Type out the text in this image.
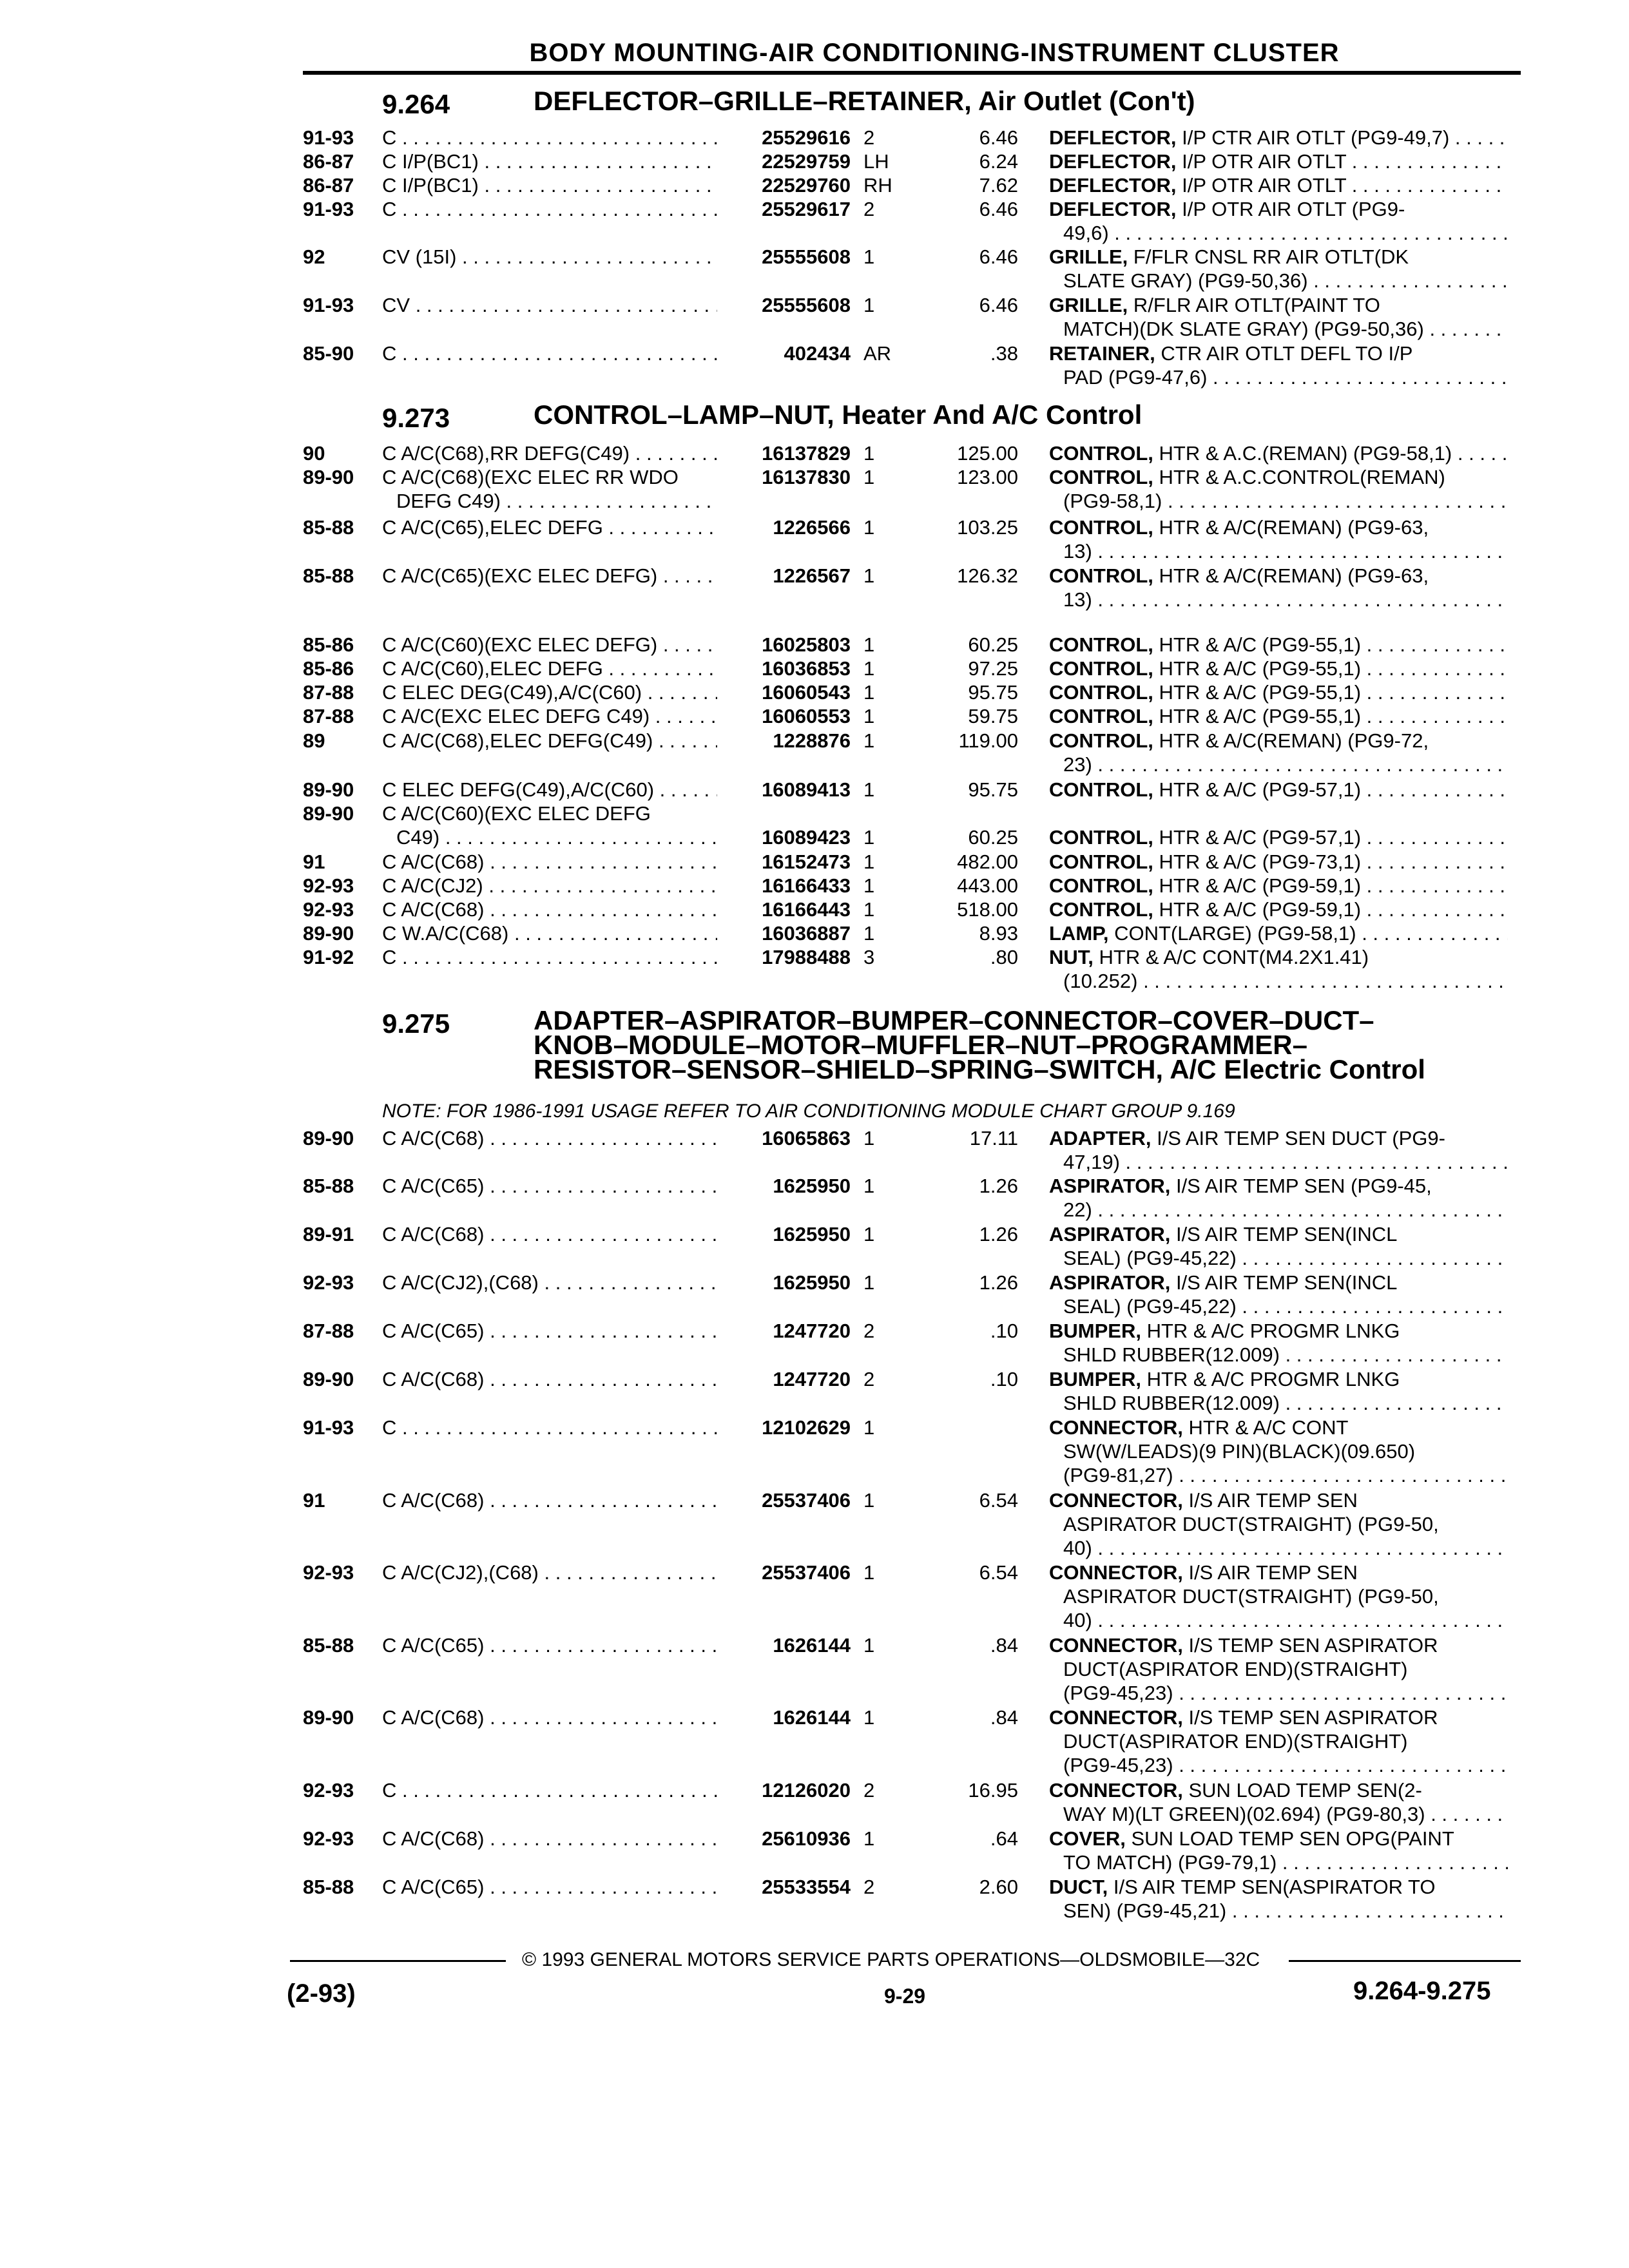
BODY MOUNTING-AIR CONDITIONING-INSTRUMENT CLUSTER
9.264	DEFLECTOR–GRILLE–RETAINER, Air Outlet (Con't)
91-93 C . . .	25529616 2	6.46 DEFLECTOR, I/P CTR AIR OTLT (PG9-49,7) . . .
86-87 C I/P(BC1) . . .	22529759 LH	6.24 DEFLECTOR, I/P OTR AIR OTLT . . .
86-87 C I/P(BC1) . . .	22529760 RH	7.62 DEFLECTOR, I/P OTR AIR OTLT . . .
91-93 C . . .	25529617 2	6.46 DEFLECTOR, I/P OTR AIR OTLT (PG9-
49,6) . . .
92	CV (15I) . . .	25555608 1	6.46 GRILLE, F/FLR CNSL RR AIR OTLT(DK
SLATE GRAY) (PG9-50,36) . . .
91-93 CV . . .	25555608 1	6.46 GRILLE, R/FLR AIR OTLT(PAINT TO
MATCH)(DK SLATE GRAY) (PG9-50,36) . . .
85-90 C . . .	402434 AR	.38 RETAINER, CTR AIR OTLT DEFL TO I/P
PAD (PG9-47,6) . . .
9.273	CONTROL–LAMP–NUT, Heater And A/C Control
90	C A/C(C68),RR DEFG(C49) . . .	16137829 1	125.00 CONTROL, HTR & A.C.(REMAN) (PG9-58,1) . . .
89-90 C A/C(C68)(EXC ELEC RR WDO
DEFG C49) . . .
16137830 1	123.00 CONTROL, HTR & A.C.CONTROL(REMAN)
(PG9-58,1) . . .
85-88 C A/C(C65),ELEC DEFG . . .	1226566 1	103.25 CONTROL, HTR & A/C(REMAN) (PG9-63,
13) . . .
85-88 C A/C(C65)(EXC ELEC DEFG) . . .	1226567 1	126.32 CONTROL, HTR & A/C(REMAN) (PG9-63,
13) . . .
85-86 C A/C(C60)(EXC ELEC DEFG) . . .	16025803 1	60.25 CONTROL, HTR & A/C (PG9-55,1) . . .
85-86 C A/C(C60),ELEC DEFG . . .	16036853 1	97.25 CONTROL, HTR & A/C (PG9-55,1) . . .
87-88 C ELEC DEG(C49),A/C(C60) . . .	16060543 1	95.75 CONTROL, HTR & A/C (PG9-55,1) . . .
87-88 C A/C(EXC ELEC DEFG C49) . . .	16060553 1	59.75 CONTROL, HTR & A/C (PG9-55,1) . . .
89	C A/C(C68),ELEC DEFG(C49) . . .	1228876 1	119.00 CONTROL, HTR & A/C(REMAN) (PG9-72,
23) . . .
89-90 C ELEC DEFG(C49),A/C(C60) . . .	16089413 1	95.75 CONTROL, HTR & A/C (PG9-57,1) . . .
89-90 C A/C(C60)(EXC ELEC DEFG
C49) . . .	16089423 1	60.25 CONTROL, HTR & A/C (PG9-57,1) . . .
91	C A/C(C68) . . .	16152473 1	482.00 CONTROL, HTR & A/C (PG9-73,1) . . .
92-93 C A/C(CJ2) . . .	16166433 1	443.00 CONTROL, HTR & A/C (PG9-59,1) . . .
92-93 C A/C(C68) . . .	16166443 1	518.00 CONTROL, HTR & A/C (PG9-59,1) . . .
89-90 C W.A/C(C68) . . .	16036887 1	8.93 LAMP, CONT(LARGE) (PG9-58,1) . . .
91-92 C . . .	17988488 3	.80 NUT, HTR & A/C CONT(M4.2X1.41)
(10.252) . . .
9.275	ADAPTER–ASPIRATOR–BUMPER–CONNECTOR–COVER–DUCT–
KNOB–MODULE–MOTOR–MUFFLER–NUT–PROGRAMMER–
RESISTOR–SENSOR–SHIELD–SPRING–SWITCH, A/C Electric Control
NOTE: FOR 1986-1991 USAGE REFER TO AIR CONDITIONING MODULE CHART GROUP 9.169
89-90 C A/C(C68) . . .	16065863 1	17.11 ADAPTER, I/S AIR TEMP SEN DUCT (PG9-
47,19) . . .
85-88 C A/C(C65) . . .	1625950 1	1.26 ASPIRATOR, I/S AIR TEMP SEN (PG9-45,
22) . . .
89-91 C A/C(C68) . . .	1625950 1	1.26 ASPIRATOR, I/S AIR TEMP SEN(INCL
SEAL) (PG9-45,22) . . .
92-93 C A/C(CJ2),(C68) . . .	1625950 1	1.26 ASPIRATOR, I/S AIR TEMP SEN(INCL
SEAL) (PG9-45,22) . . .
87-88 C A/C(C65) . . .	1247720 2	.10 BUMPER, HTR & A/C PROGMR LNKG
SHLD RUBBER(12.009) . . .
89-90 C A/C(C68) . . .	1247720 2	.10 BUMPER, HTR & A/C PROGMR LNKG
SHLD RUBBER(12.009) . . .
91-93 C . . .	12102629 1	CONNECTOR, HTR & A/C CONT
SW(W/LEADS)(9 PIN)(BLACK)(09.650)
(PG9-81,27) . . .
91	C A/C(C68) . . .	25537406 1	6.54 CONNECTOR, I/S AIR TEMP SEN
ASPIRATOR DUCT(STRAIGHT) (PG9-50,
40) . . .
92-93 C A/C(CJ2),(C68) . . .	25537406 1	6.54 CONNECTOR, I/S AIR TEMP SEN
ASPIRATOR DUCT(STRAIGHT) (PG9-50,
40) . . .
85-88 C A/C(C65) . . .	1626144 1	.84 CONNECTOR, I/S TEMP SEN ASPIRATOR
DUCT(ASPIRATOR END)(STRAIGHT)
(PG9-45,23) . . .
89-90 C A/C(C68) . . .	1626144 1	.84 CONNECTOR, I/S TEMP SEN ASPIRATOR
DUCT(ASPIRATOR END)(STRAIGHT)
(PG9-45,23) . . .
92-93 C . . .	12126020 2	16.95 CONNECTOR, SUN LOAD TEMP SEN(2-
WAY M)(LT GREEN)(02.694) (PG9-80,3) . . .
92-93 C A/C(C68) . . .	25610936 1	.64 COVER, SUN LOAD TEMP SEN OPG(PAINT
TO MATCH) (PG9-79,1) . . .
85-88 C A/C(C65) . . .	25533554 2	2.60 DUCT, I/S AIR TEMP SEN(ASPIRATOR TO
SEN) (PG9-45,21) . . .
© 1993 GENERAL MOTORS SERVICE PARTS OPERATIONS—OLDSMOBILE—32C
(2-93)	9-29	9.264-9.275
